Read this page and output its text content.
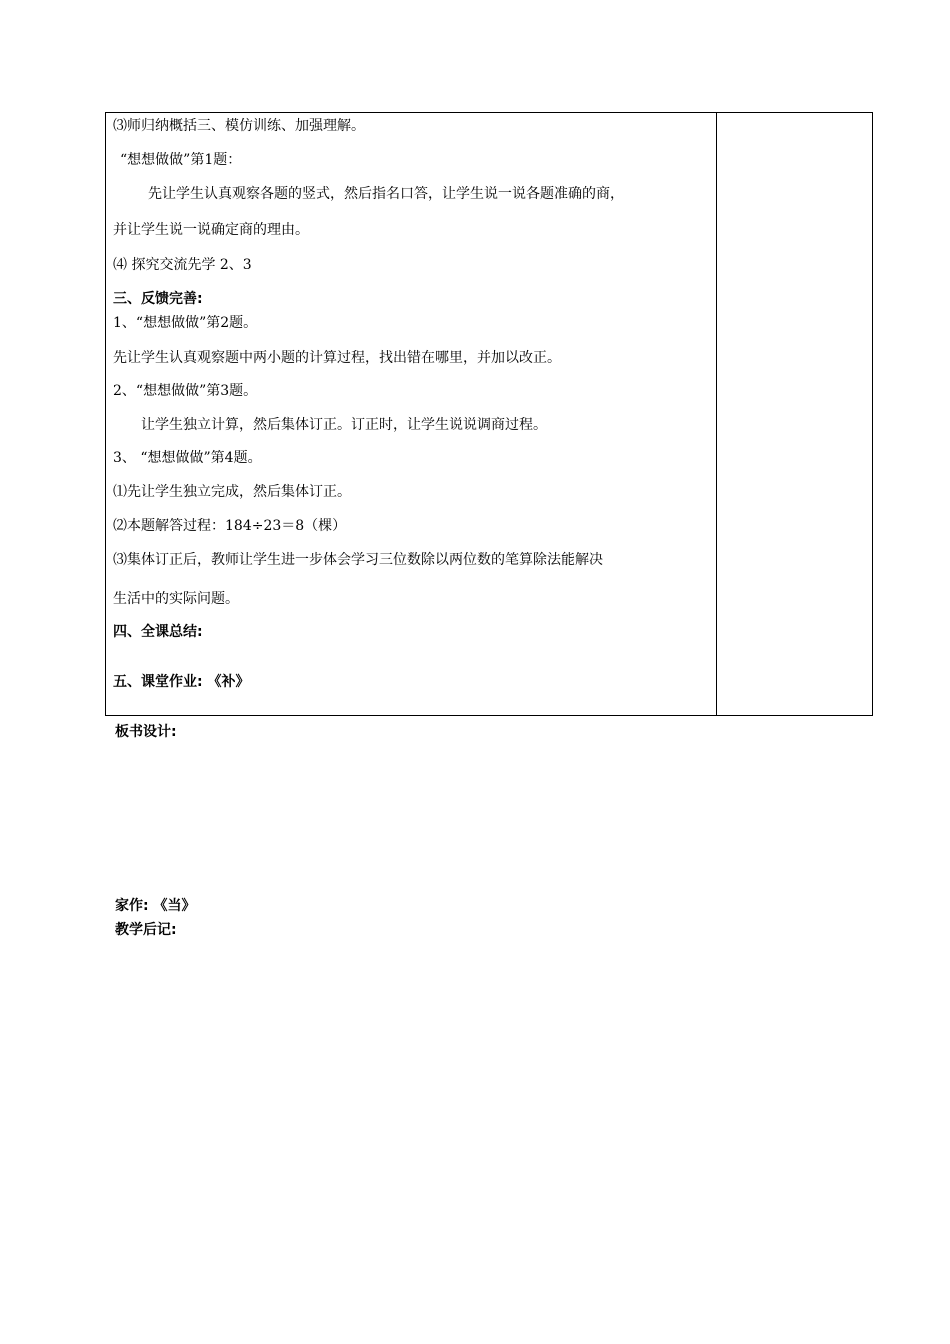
⑶师归纳概括三、模仿训练、加强理解。
“想想做做”第1题：
先让学生认真观察各题的竖式，然后指名口答，让学生说一说各题准确的商，
并让学生说一说确定商的理由。
⑷ 探究交流先学 2、3
三、反馈完善:
1、“想想做做”第2题。
先让学生认真观察题中两小题的计算过程，找出错在哪里，并加以改正。
2、“想想做做”第3题。
让学生独立计算，然后集体订正。订正时，让学生说说调商过程。
3、 “想想做做”第4题。
⑴先让学生独立完成，然后集体订正。
⑵本题解答过程：184÷23＝8（棵）
⑶集体订正后，教师让学生进一步体会学习三位数除以两位数的笔算除法能解决
生活中的实际问题。
四、全课总结:
五、课堂作业: 《补》
板书设计:
家作: 《当》
教学后记:
